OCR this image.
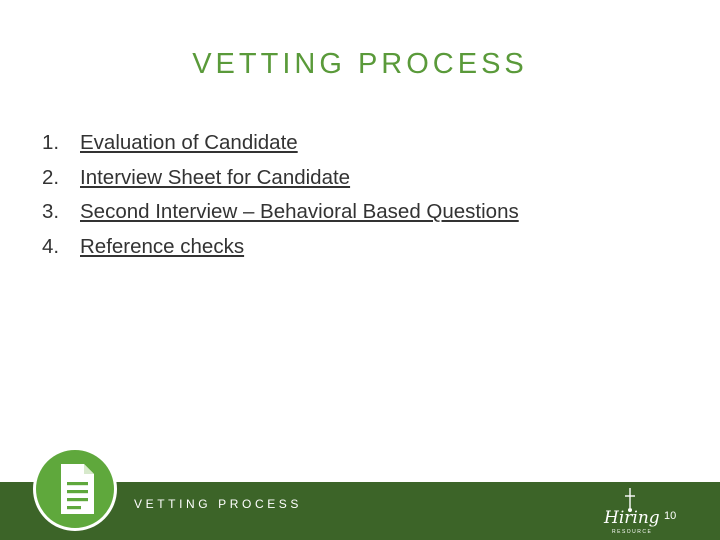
VETTING PROCESS
1.	Evaluation of Candidate
2.	Interview Sheet for Candidate
3.	Second Interview – Behavioral Based Questions
4.	Reference checks
VETTING PROCESS
Hiring
RESOURCE
10
